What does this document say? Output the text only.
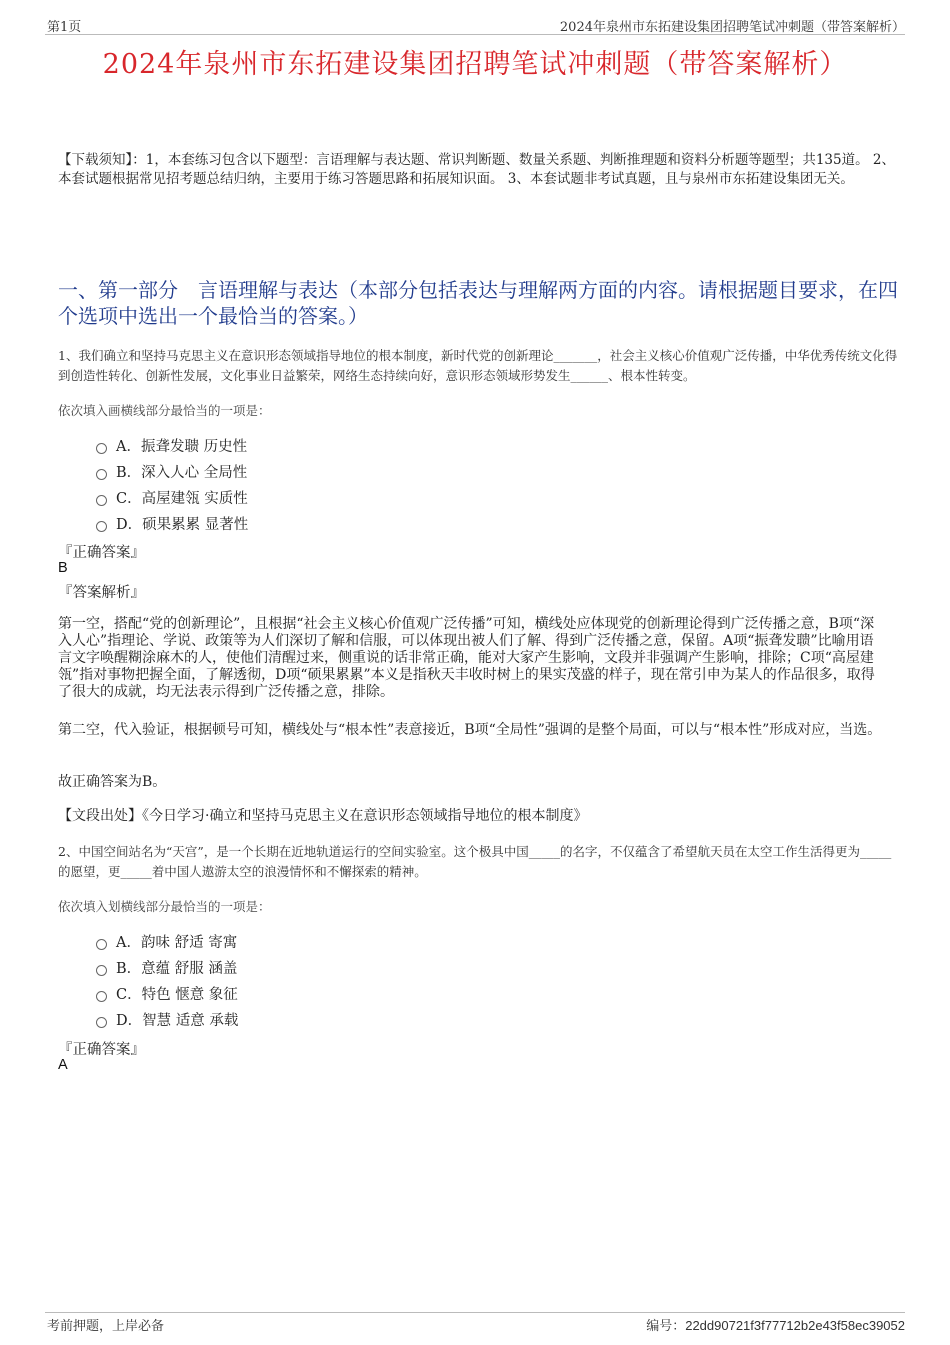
第1页	2024年泉州市东拓建设集团招聘笔试冲刺题（带答案解析）
2024年泉州市东拓建设集团招聘笔试冲刺题（带答案解析）
【下载须知】：1，本套练习包含以下题型：言语理解与表达题、常识判断题、数量关系题、判断推理题和资料分析题等题型；共135道。 2、本套试题根据常见招考题总结归纳，主要用于练习答题思路和拓展知识面。 3、本套试题非考试真题，且与泉州市东拓建设集团无关。
一、第一部分　言语理解与表达（本部分包括表达与理解两方面的内容。请根据题目要求，在四个选项中选出一个最恰当的答案。）
1、我们确立和坚持马克思主义在意识形态领域指导地位的根本制度，新时代党的创新理论_______，社会主义核心价值观广泛传播，中华优秀传统文化得到创造性转化、创新性发展，文化事业日益繁荣，网络生态持续向好，意识形态领域形势发生______、根本性转变。
依次填入画横线部分最恰当的一项是：
A．振聋发聩 历史性
B．深入人心 全局性
C．高屋建瓴 实质性
D．硕果累累 显著性
『正确答案』
B
『答案解析』
第一空，搭配“党的创新理论”，且根据“社会主义核心价值观广泛传播”可知，横线处应体现党的创新理论得到广泛传播之意，B项“深入人心”指理论、学说、政策等为人们深切了解和信服，可以体现出被人们了解、得到广泛传播之意，保留。A项“振聋发聩”比喻用语言文字唤醒糊涂麻木的人，使他们清醒过来，侧重说的话非常正确，能对大家产生影响，文段并非强调产生影响，排除；C项“高屋建瓴”指对事物把握全面，了解透彻，D项“硕果累累”本义是指秋天丰收时树上的果实茂盛的样子，现在常引申为某人的作品很多，取得了很大的成就，均无法表示得到广泛传播之意，排除。
第二空，代入验证，根据顿号可知，横线处与“根本性”表意接近，B项“全局性”强调的是整个局面，可以与“根本性”形成对应，当选。
故正确答案为B。
【文段出处】《今日学习·确立和坚持马克思主义在意识形态领域指导地位的根本制度》
2、中国空间站名为“天宫”，是一个长期在近地轨道运行的空间实验室。这个极具中国_____的名字，不仅蕴含了希望航天员在太空工作生活得更为_____的愿望，更_____着中国人遨游太空的浪漫情怀和不懈探索的精神。
依次填入划横线部分最恰当的一项是：
A．韵味 舒适 寄寓
B．意蕴 舒服 涵盖
C．特色 惬意 象征
D．智慧 适意 承载
『正确答案』
A
考前押题，上岸必备	编号：22dd90721f3f77712b2e43f58ec39052
